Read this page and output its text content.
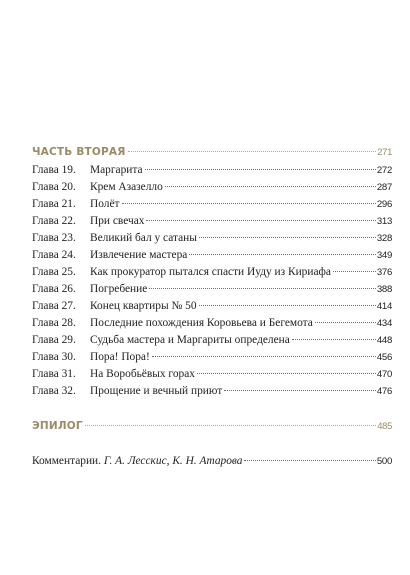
ЧАСТЬ ВТОРАЯ	271
Глава 19. Маргарита	272
Глава 20. Крем Азазелло	287
Глава 21. Полёт	296
Глава 22. При свечах	313
Глава 23. Великий бал у сатаны	328
Глава 24. Извлечение мастера	349
Глава 25. Как прокуратор пытался спасти Иуду из Кириафа	376
Глава 26. Погребение	388
Глава 27. Конец квартиры № 50	414
Глава 28. Последние похождения Коровьева и Бегемота	434
Глава 29. Судьба мастера и Маргариты определена	448
Глава 30. Пора! Пора!	456
Глава 31. На Воробьёвых горах	470
Глава 32. Прощение и вечный приют	476
ЭПИЛОГ	485
Комментарии. Г. А. Лесскис, К. Н. Атарова	500
